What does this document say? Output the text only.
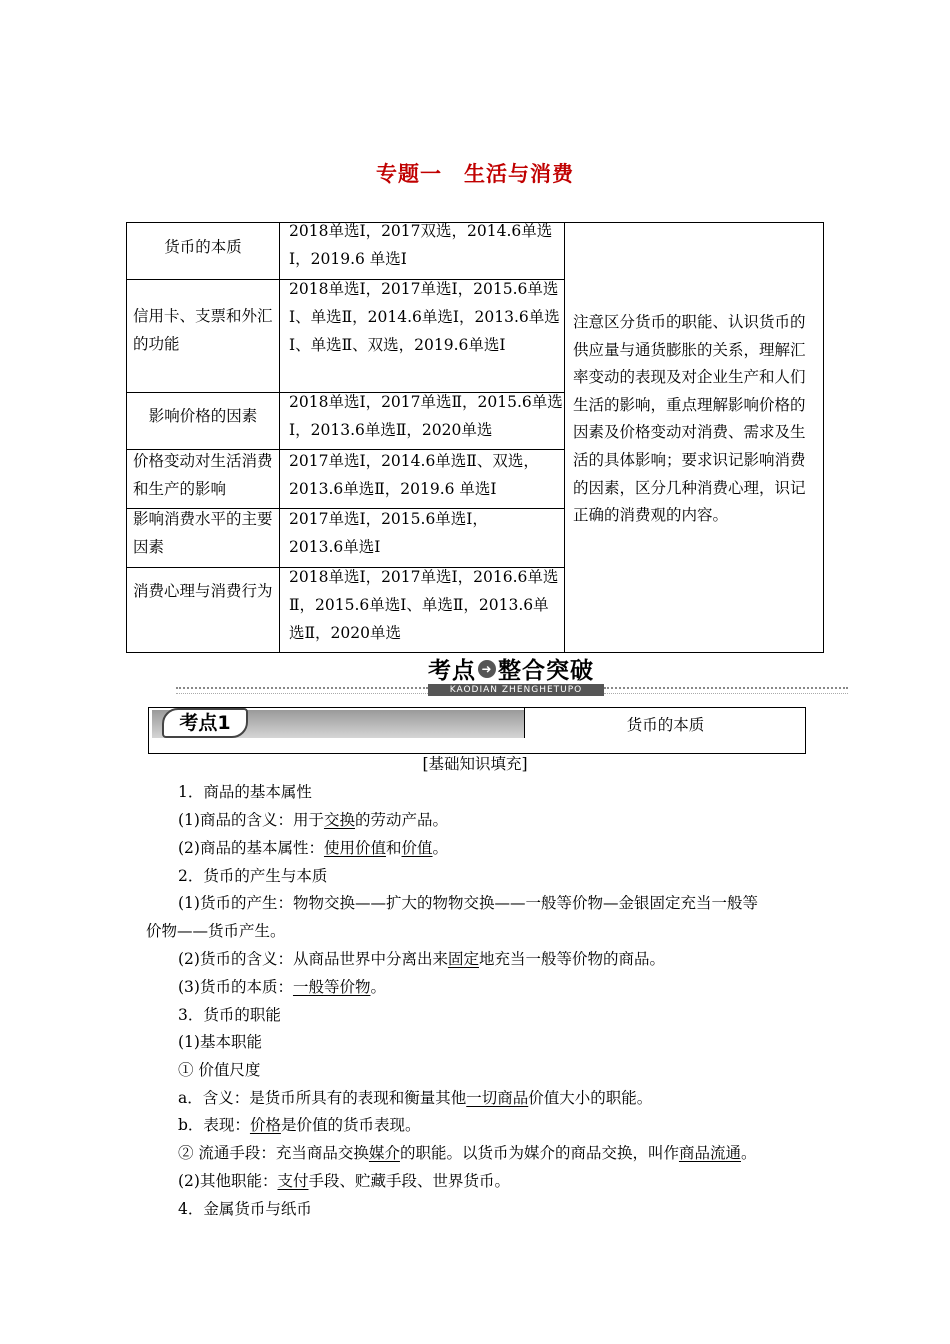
专题一　生活与消费
货币的本质
2018单选Ⅰ，2017双选，2014.6单选Ⅰ，2019.6 单选Ⅰ
信用卡、支票和外汇的功能
2018单选Ⅰ，2017单选Ⅰ，2015.6单选Ⅰ、单选Ⅱ，2014.6单选Ⅰ，2013.6单选Ⅰ、单选Ⅱ、双选，2019.6单选Ⅰ
影响价格的因素
2018单选Ⅰ，2017单选Ⅱ，2015.6单选Ⅰ，2013.6单选Ⅱ，2020单选
价格变动对生活消费和生产的影响
2017单选Ⅰ，2014.6单选Ⅱ、双选，2013.6单选Ⅱ，2019.6 单选Ⅰ
影响消费水平的主要因素
2017单选Ⅰ，2015.6单选Ⅰ，2013.6单选Ⅰ
消费心理与消费行为
2018单选Ⅰ，2017单选Ⅰ，2016.6单选Ⅱ，2015.6单选Ⅰ、单选Ⅱ，2013.6单选Ⅱ，2020单选
注意区分货币的职能、认识货币的供应量与通货膨胀的关系，理解汇率变动的表现及对企业生产和人们生活的影响，重点理解影响价格的因素及价格变动对消费、需求及生活的具体影响；要求识记影响消费的因素，区分几种消费心理，识记正确的消费观的内容。
考点 ➜ 整合突破
KAODIAN ZHENGHETUPO
考点1	货币的本质
[基础知识填充]
1．商品的基本属性
(1)商品的含义：用于交换的劳动产品。
(2)商品的基本属性：使用价值和价值。
2．货币的产生与本质
(1)货币的产生：物物交换——扩大的物物交换——一般等价物—金银固定充当一般等
价物——货币产生。
(2)货币的含义：从商品世界中分离出来固定地充当一般等价物的商品。
(3)货币的本质：一般等价物。
3．货币的职能
(1)基本职能
① 价值尺度
a．含义：是货币所具有的表现和衡量其他一切商品价值大小的职能。
b．表现：价格是价值的货币表现。
② 流通手段：充当商品交换媒介的职能。以货币为媒介的商品交换，叫作商品流通。
(2)其他职能：支付手段、贮藏手段、世界货币。
4．金属货币与纸币
